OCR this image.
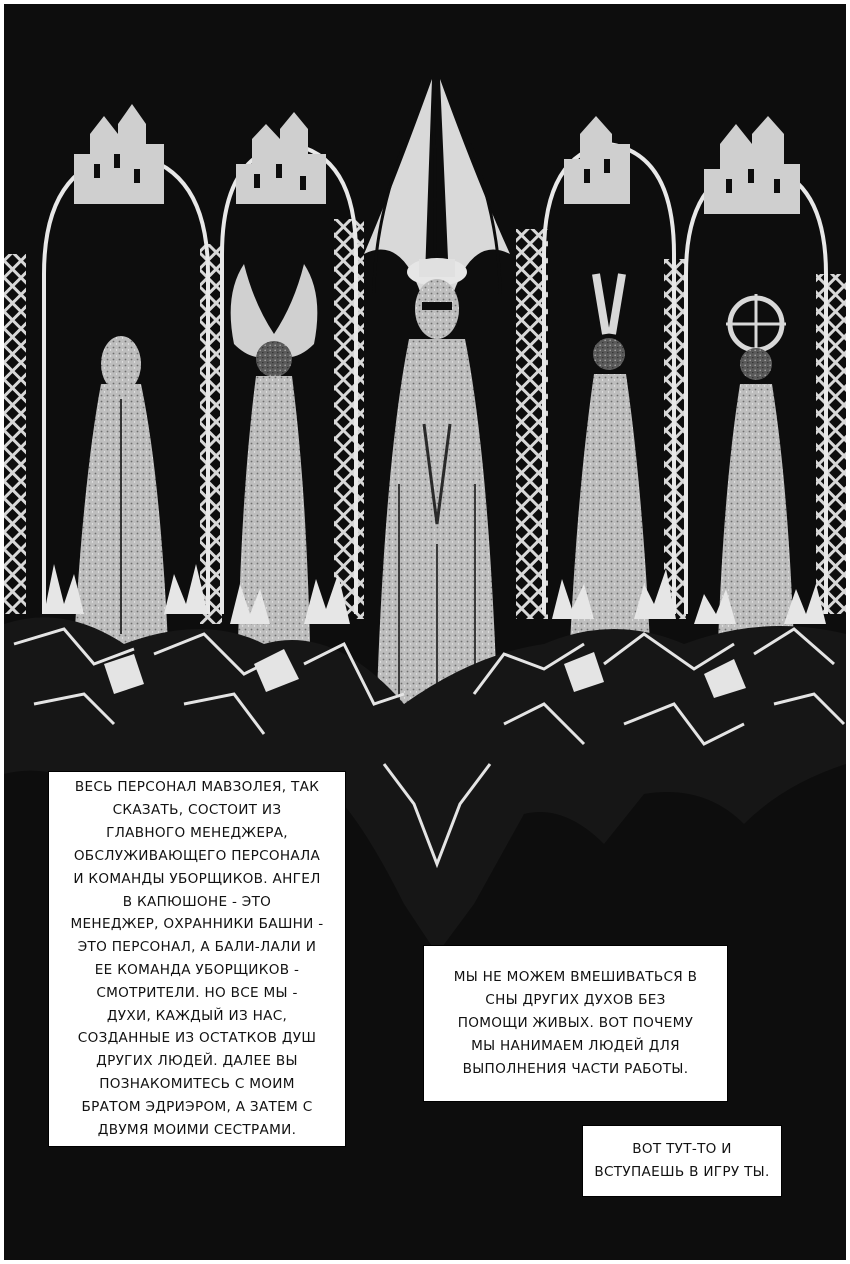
ВЕСЬ ПЕРСОНАЛ МАВЗОЛЕЯ, ТАК
СКАЗАТЬ, СОСТОИТ ИЗ
ГЛАВНОГО МЕНЕДЖЕРА,
ОБСЛУЖИВАЮЩЕГО ПЕРСОНАЛА
И КОМАНДЫ УБОРЩИКОВ. АНГЕЛ
В КАПЮШОНЕ - ЭТО
МЕНЕДЖЕР, ОХРАННИКИ БАШНИ -
ЭТО ПЕРСОНАЛ, А БАЛИ-ЛАЛИ И
ЕЕ КОМАНДА УБОРЩИКОВ -
СМОТРИТЕЛИ. НО ВСЕ МЫ -
ДУХИ, КАЖДЫЙ ИЗ НАС,
СОЗДАННЫЕ ИЗ ОСТАТКОВ ДУШ
ДРУГИХ ЛЮДЕЙ. ДАЛЕЕ ВЫ
ПОЗНАКОМИТЕСЬ С МОИМ
БРАТОМ ЭДРИЭРОМ, А ЗАТЕМ С
ДВУМЯ МОИМИ СЕСТРАМИ.
МЫ НЕ МОЖЕМ ВМЕШИВАТЬСЯ В
СНЫ ДРУГИХ ДУХОВ БЕЗ
ПОМОЩИ ЖИВЫХ. ВОТ ПОЧЕМУ
МЫ НАНИМАЕМ ЛЮДЕЙ ДЛЯ
ВЫПОЛНЕНИЯ ЧАСТИ РАБОТЫ.
ВОТ ТУТ-ТО И
ВСТУПАЕШЬ В ИГРУ ТЫ.
